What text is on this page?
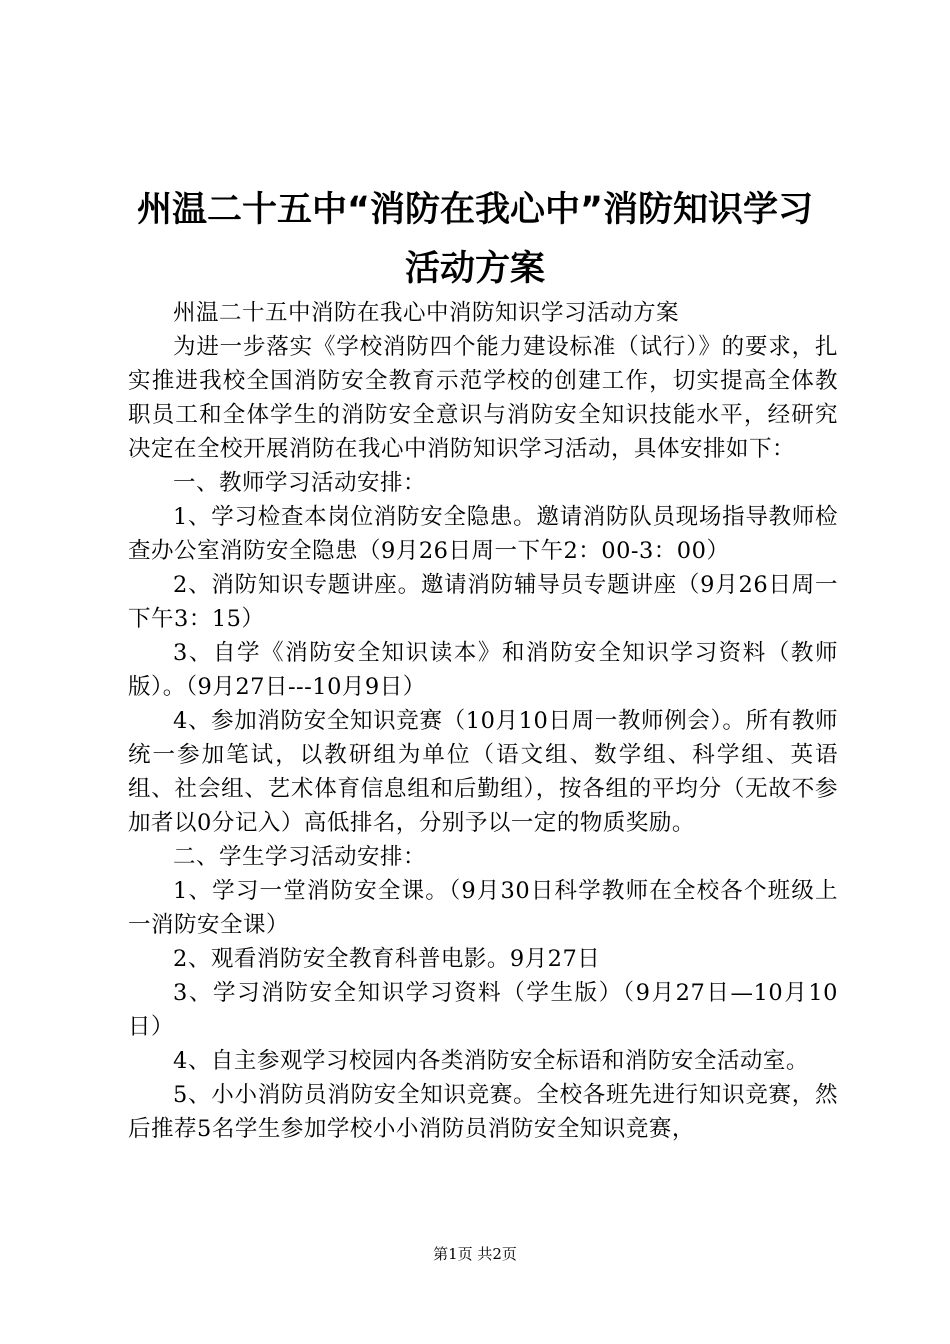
州温二十五中“消防在我心中”消防知识学习
活动方案

州温二十五中消防在我心中消防知识学习活动方案

为进一步落实《学校消防四个能力建设标准（试行）》的要求，扎实推进我校全国消防安全教育示范学校的创建工作，切实提高全体教职员工和全体学生的消防安全意识与消防安全知识技能水平，经研究决定在全校开展消防在我心中消防知识学习活动，具体安排如下：

一、教师学习活动安排：

1、学习检查本岗位消防安全隐患。邀请消防队员现场指导教师检查办公室消防安全隐患（9月26日周一下午2：00-3：00）

2、消防知识专题讲座。邀请消防辅导员专题讲座（9月26日周一下午3：15）

3、自学《消防安全知识读本》和消防安全知识学习资料（教师版）。（9月27日---10月9日）

4、参加消防安全知识竞赛（10月10日周一教师例会）。所有教师统一参加笔试，以教研组为单位（语文组、数学组、科学组、英语组、社会组、艺术体育信息组和后勤组），按各组的平均分（无故不参加者以0分记入）高低排名，分别予以一定的物质奖励。

二、学生学习活动安排：

1、学习一堂消防安全课。（9月30日科学教师在全校各个班级上一消防安全课）

2、观看消防安全教育科普电影。9月27日

3、学习消防安全知识学习资料（学生版）（9月27日—10月10日）

4、自主参观学习校园内各类消防安全标语和消防安全活动室。

5、小小消防员消防安全知识竞赛。全校各班先进行知识竞赛，然后推荐5名学生参加学校小小消防员消防安全知识竞赛，

第1页 共2页
